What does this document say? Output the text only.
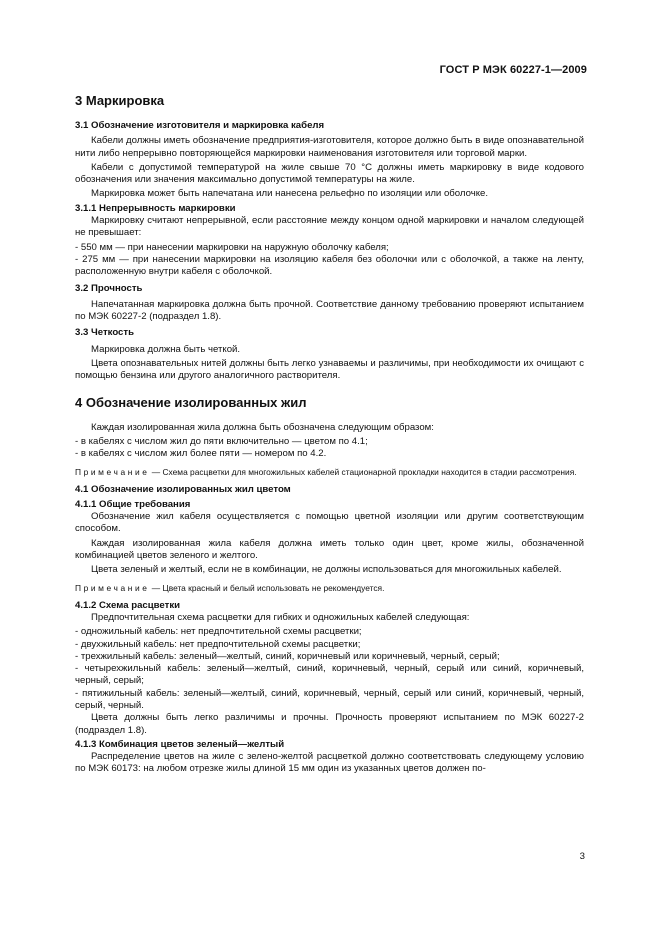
ГОСТ Р МЭК 60227-1—2009
3 Маркировка
3.1 Обозначение изготовителя и маркировка кабеля
Кабели должны иметь обозначение предприятия-изготовителя, которое должно быть в виде опознавательной нити либо непрерывно повторяющейся маркировки наименования изготовителя или торговой марки.
Кабели с допустимой температурой на жиле свыше 70 °С должны иметь маркировку в виде кодового обозначения или значения максимально допустимой температуры на жиле.
Маркировка может быть напечатана или нанесена рельефно по изоляции или оболочке.
3.1.1 Непрерывность маркировки
Маркировку считают непрерывной, если расстояние между концом одной маркировки и началом следующей не превышает:
- 550 мм — при нанесении маркировки на наружную оболочку кабеля;
- 275 мм — при нанесении маркировки на изоляцию кабеля без оболочки или с оболочкой, а также на ленту, расположенную внутри кабеля с оболочкой.
3.2 Прочность
Напечатанная маркировка должна быть прочной. Соответствие данному требованию проверяют испытанием по МЭК 60227-2 (подраздел 1.8).
3.3 Четкость
Маркировка должна быть четкой.
Цвета опознавательных нитей должны быть легко узнаваемы и различимы, при необходимости их очищают с помощью бензина или другого аналогичного растворителя.
4 Обозначение изолированных жил
Каждая изолированная жила должна быть обозначена следующим образом:
- в кабелях с числом жил до пяти включительно — цветом по 4.1;
- в кабелях с числом жил более пяти — номером по 4.2.
Примечание — Схема расцветки для многожильных кабелей стационарной прокладки находится в стадии рассмотрения.
4.1 Обозначение изолированных жил цветом
4.1.1 Общие требования
Обозначение жил кабеля осуществляется с помощью цветной изоляции или другим соответствующим способом.
Каждая изолированная жила кабеля должна иметь только один цвет, кроме жилы, обозначенной комбинацией цветов зеленого и желтого.
Цвета зеленый и желтый, если не в комбинации, не должны использоваться для многожильных кабелей.
Примечание — Цвета красный и белый использовать не рекомендуется.
4.1.2 Схема расцветки
Предпочтительная схема расцветки для гибких и одножильных кабелей следующая:
- одножильный кабель: нет предпочтительной схемы расцветки;
- двухжильный кабель: нет предпочтительной схемы расцветки;
- трехжильный кабель: зеленый—желтый, синий, коричневый или коричневый, черный, серый;
- четырехжильный кабель: зеленый—желтый, синий, коричневый, черный, серый или синий, коричневый, черный, серый;
- пятижильный кабель: зеленый—желтый, синий, коричневый, черный, серый или синий, коричневый, черный, серый, черный.
Цвета должны быть легко различимы и прочны. Прочность проверяют испытанием по МЭК 60227-2 (подраздел 1.8).
4.1.3 Комбинация цветов зеленый—желтый
Распределение цветов на жиле с зелено-желтой расцветкой должно соответствовать следующему условию по МЭК 60173: на любом отрезке жилы длиной 15 мм один из указанных цветов должен по-
3
